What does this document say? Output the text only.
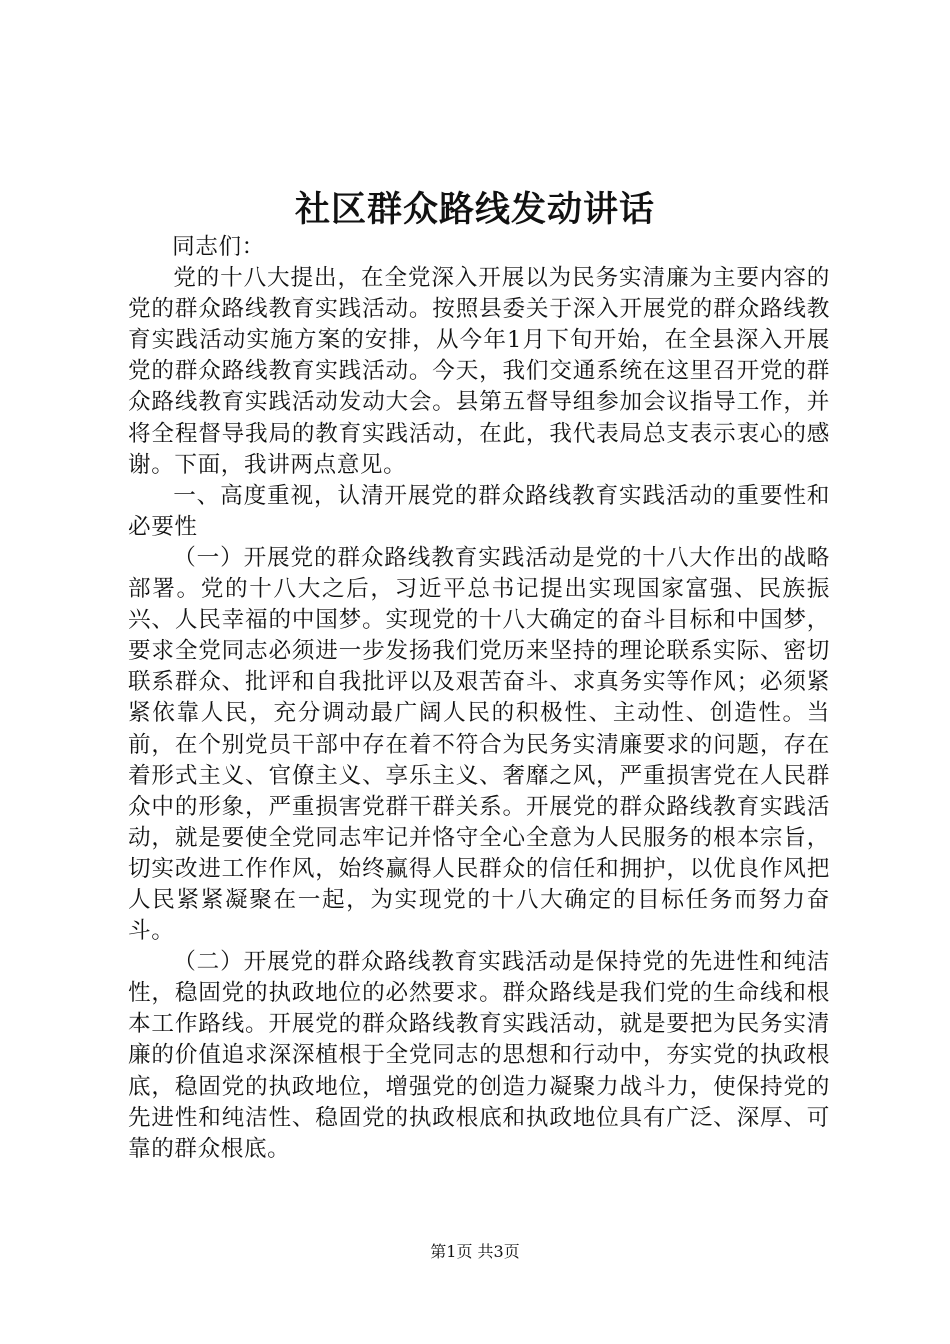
社区群众路线发动讲话

同志们：

党的十八大提出，在全党深入开展以为民务实清廉为主要内容的党的群众路线教育实践活动。按照县委关于深入开展党的群众路线教育实践活动实施方案的安排，从今年1月下旬开始，在全县深入开展党的群众路线教育实践活动。今天，我们交通系统在这里召开党的群众路线教育实践活动发动大会。县第五督导组参加会议指导工作，并将全程督导我局的教育实践活动，在此，我代表局总支表示衷心的感谢。下面，我讲两点意见。

一、高度重视，认清开展党的群众路线教育实践活动的重要性和必要性

（一）开展党的群众路线教育实践活动是党的十八大作出的战略部署。党的十八大之后，习近平总书记提出实现国家富强、民族振兴、人民幸福的中国梦。实现党的十八大确定的奋斗目标和中国梦，要求全党同志必须进一步发扬我们党历来坚持的理论联系实际、密切联系群众、批评和自我批评以及艰苦奋斗、求真务实等作风；必须紧紧依靠人民，充分调动最广阔人民的积极性、主动性、创造性。当前，在个别党员干部中存在着不符合为民务实清廉要求的问题，存在着形式主义、官僚主义、享乐主义、奢靡之风，严重损害党在人民群众中的形象，严重损害党群干群关系。开展党的群众路线教育实践活动，就是要使全党同志牢记并恪守全心全意为人民服务的根本宗旨，切实改进工作作风，始终赢得人民群众的信任和拥护，以优良作风把人民紧紧凝聚在一起，为实现党的十八大确定的目标任务而努力奋斗。

（二）开展党的群众路线教育实践活动是保持党的先进性和纯洁性，稳固党的执政地位的必然要求。群众路线是我们党的生命线和根本工作路线。开展党的群众路线教育实践活动，就是要把为民务实清廉的价值追求深深植根于全党同志的思想和行动中，夯实党的执政根底，稳固党的执政地位，增强党的创造力凝聚力战斗力，使保持党的先进性和纯洁性、稳固党的执政根底和执政地位具有广泛、深厚、可靠的群众根底。

第1页 共3页
